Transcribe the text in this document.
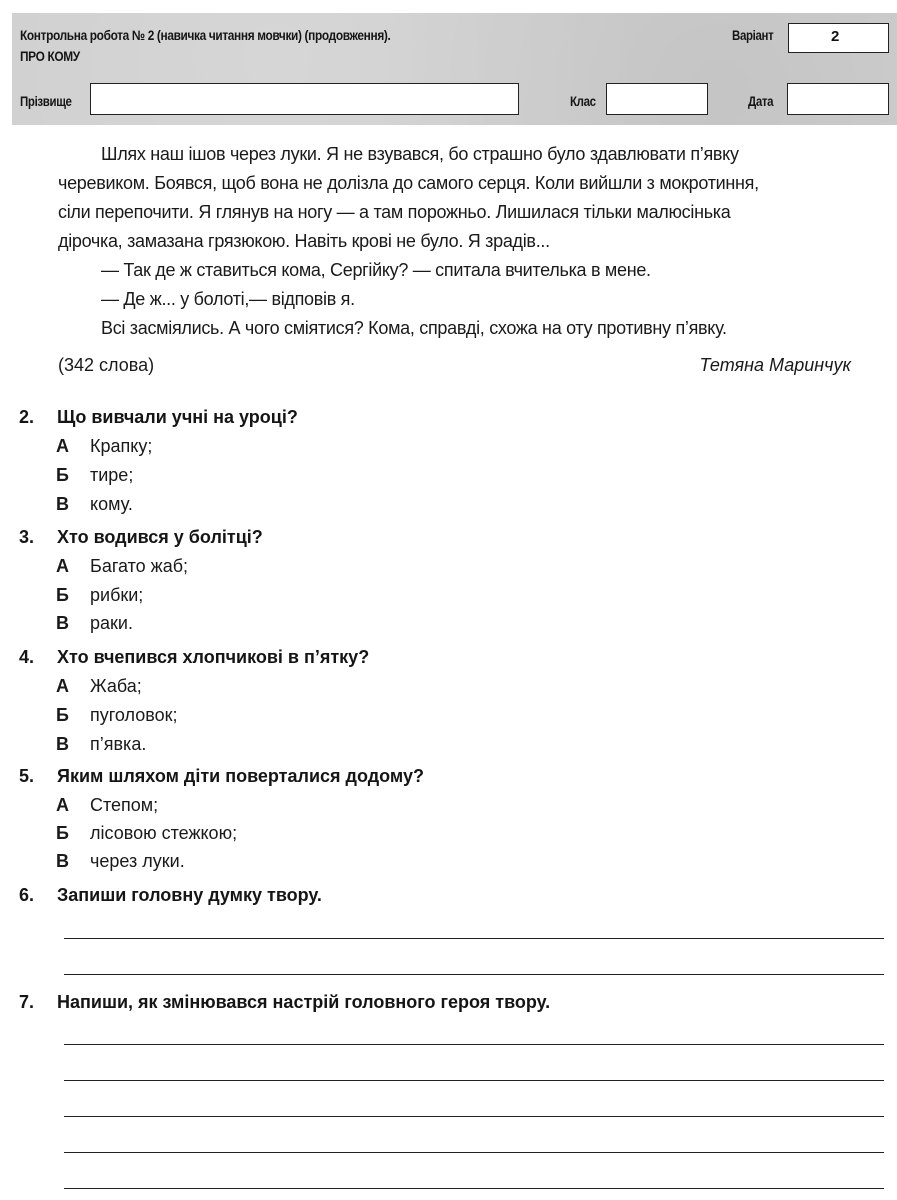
Контрольна робота № 2 (навичка читання мовчки) (продовження).
ПРО КОМУ
Варіант	2
Прізвище	Клас	Дата

Шлях наш ішов через луки. Я не взувався, бо страшно було здавлювати п’явку

черевиком. Боявся, щоб вона не долізла до самого серця. Коли вийшли з мокротиння,

сіли перепочити. Я глянув на ногу — а там порожньо. Лишилася тільки малюсінька

дірочка, замазана грязюкою. Навіть крові не було. Я зрадів...

— Так де ж ставиться кома, Сергійку? — спитала вчителька в мене.

— Де ж... у болоті,— відповів я.

Всі засміялись. А чого сміятися? Кома, справді, схожа на оту противну п’явку.

(342 слова)	Тетяна Маринчук
2. Що вивчали учні на уроці?
А Крапку;
Б тире;
В кому.
3. Хто водився у болітці?
А Багато жаб;
Б рибки;
В раки.
4. Хто вчепився хлопчикові в п’ятку?
А Жаба;
Б пуголовок;
В п’явка.
5. Яким шляхом діти поверталися додому?
А Степом;
Б лісовою стежкою;
В через луки.
6. Запиши головну думку твору.
7. Напиши, як змінювався настрій головного героя твору.
